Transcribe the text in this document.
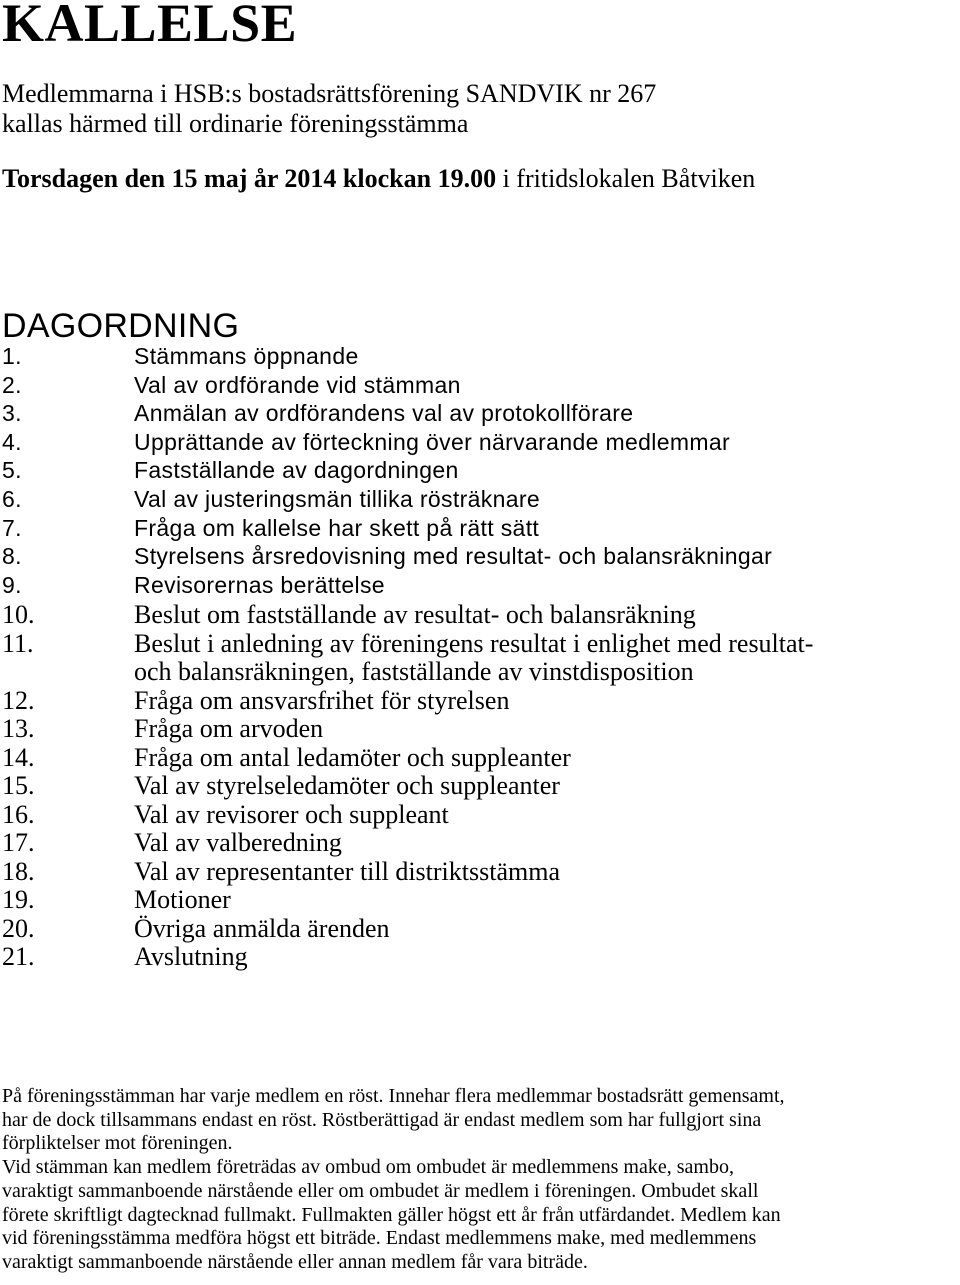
KALLELSE
Medlemmarna i HSB:s bostadsrättsförening SANDVIK nr 267
kallas härmed till ordinarie föreningsstämma
Torsdagen den 15 maj år 2014 klockan 19.00 i fritidslokalen Båtviken
DAGORDNING
1.	Stämmans öppnande
2.	Val av ordförande vid stämman
3.	Anmälan av ordförandens val av protokollförare
4.	Upprättande av förteckning över närvarande medlemmar
5.	Fastställande av dagordningen
6.	Val av justeringsmän tillika rösträknare
7.	Fråga om kallelse har skett på rätt sätt
8.	Styrelsens årsredovisning med resultat- och balansräkningar
9.	Revisorernas berättelse
10.	Beslut om fastställande av resultat- och balansräkning
11.	Beslut i anledning av föreningens resultat i enlighet med resultat-
och balansräkningen, fastställande av vinstdisposition
12.	Fråga om ansvarsfrihet för styrelsen
13.	Fråga om arvoden
14.	Fråga om antal ledamöter och suppleanter
15.	Val av styrelseledamöter och suppleanter
16.	Val av revisorer och suppleant
17.	Val av valberedning
18.	Val av representanter till distriktsstämma
19.	Motioner
20.	Övriga anmälda ärenden
21.	Avslutning

På föreningsstämman har varje medlem en röst. Innehar flera medlemmar bostadsrätt gemensamt,

har de dock tillsammans endast en röst. Röstberättigad är endast medlem som har fullgjort sina

förpliktelser mot föreningen.

Vid stämman kan medlem företrädas av ombud om ombudet är medlemmens make, sambo,

varaktigt sammanboende närstående eller om ombudet är medlem i föreningen. Ombudet skall

förete skriftligt dagtecknad fullmakt. Fullmakten gäller högst ett år från utfärdandet. Medlem kan

vid föreningsstämma medföra högst ett biträde. Endast medlemmens make, med medlemmens

varaktigt sammanboende närstående eller annan medlem får vara biträde.
